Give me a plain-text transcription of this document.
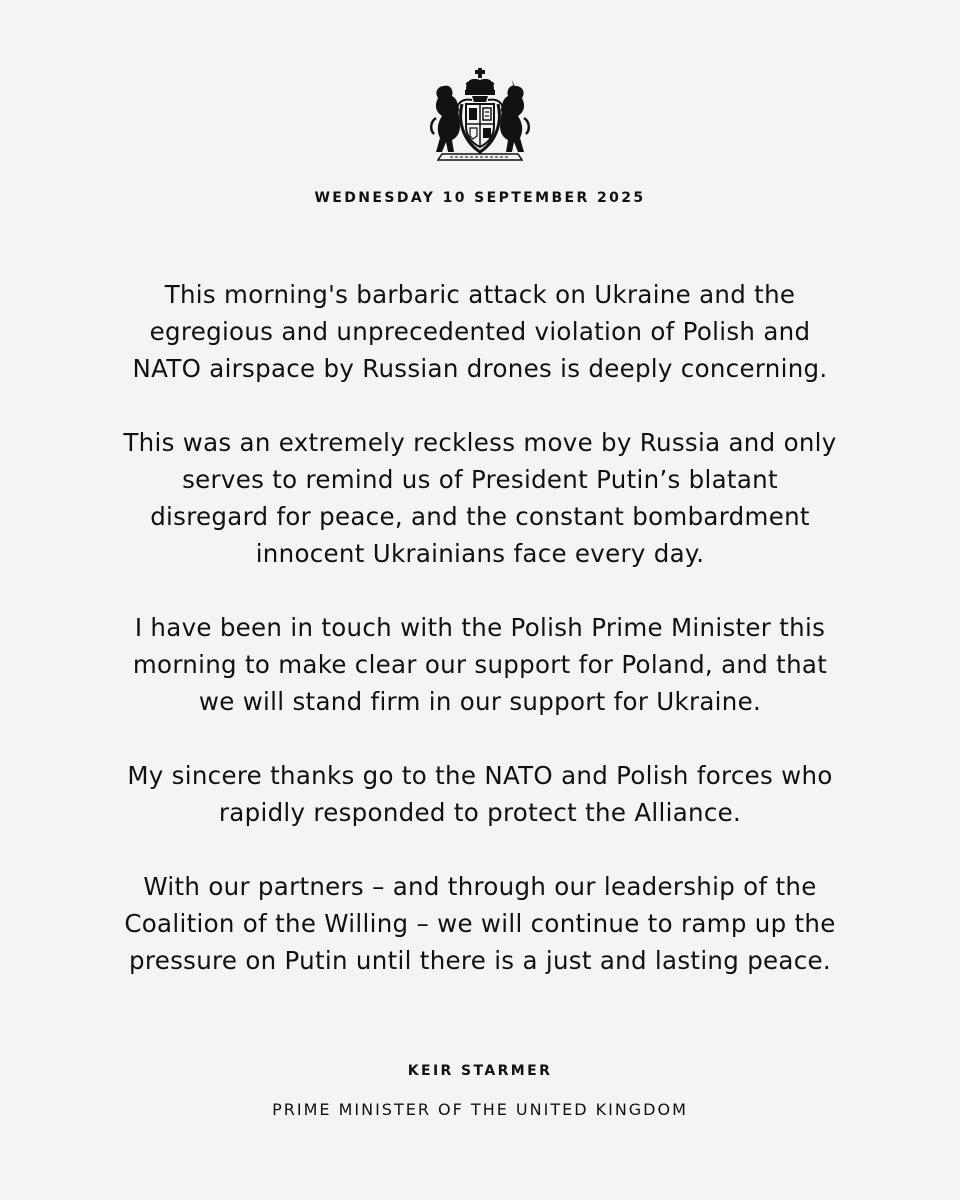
WEDNESDAY 10 SEPTEMBER 2025

This morning's barbaric attack on Ukraine and the
egregious and unprecedented violation of Polish and
NATO airspace by Russian drones is deeply concerning.

This was an extremely reckless move by Russia and only
serves to remind us of President Putin’s blatant
disregard for peace, and the constant bombardment
innocent Ukrainians face every day.

I have been in touch with the Polish Prime Minister this
morning to make clear our support for Poland, and that
we will stand firm in our support for Ukraine.

My sincere thanks go to the NATO and Polish forces who
rapidly responded to protect the Alliance.

With our partners – and through our leadership of the
Coalition of the Willing – we will continue to ramp up the
pressure on Putin until there is a just and lasting peace.

KEIR STARMER
PRIME MINISTER OF THE UNITED KINGDOM
